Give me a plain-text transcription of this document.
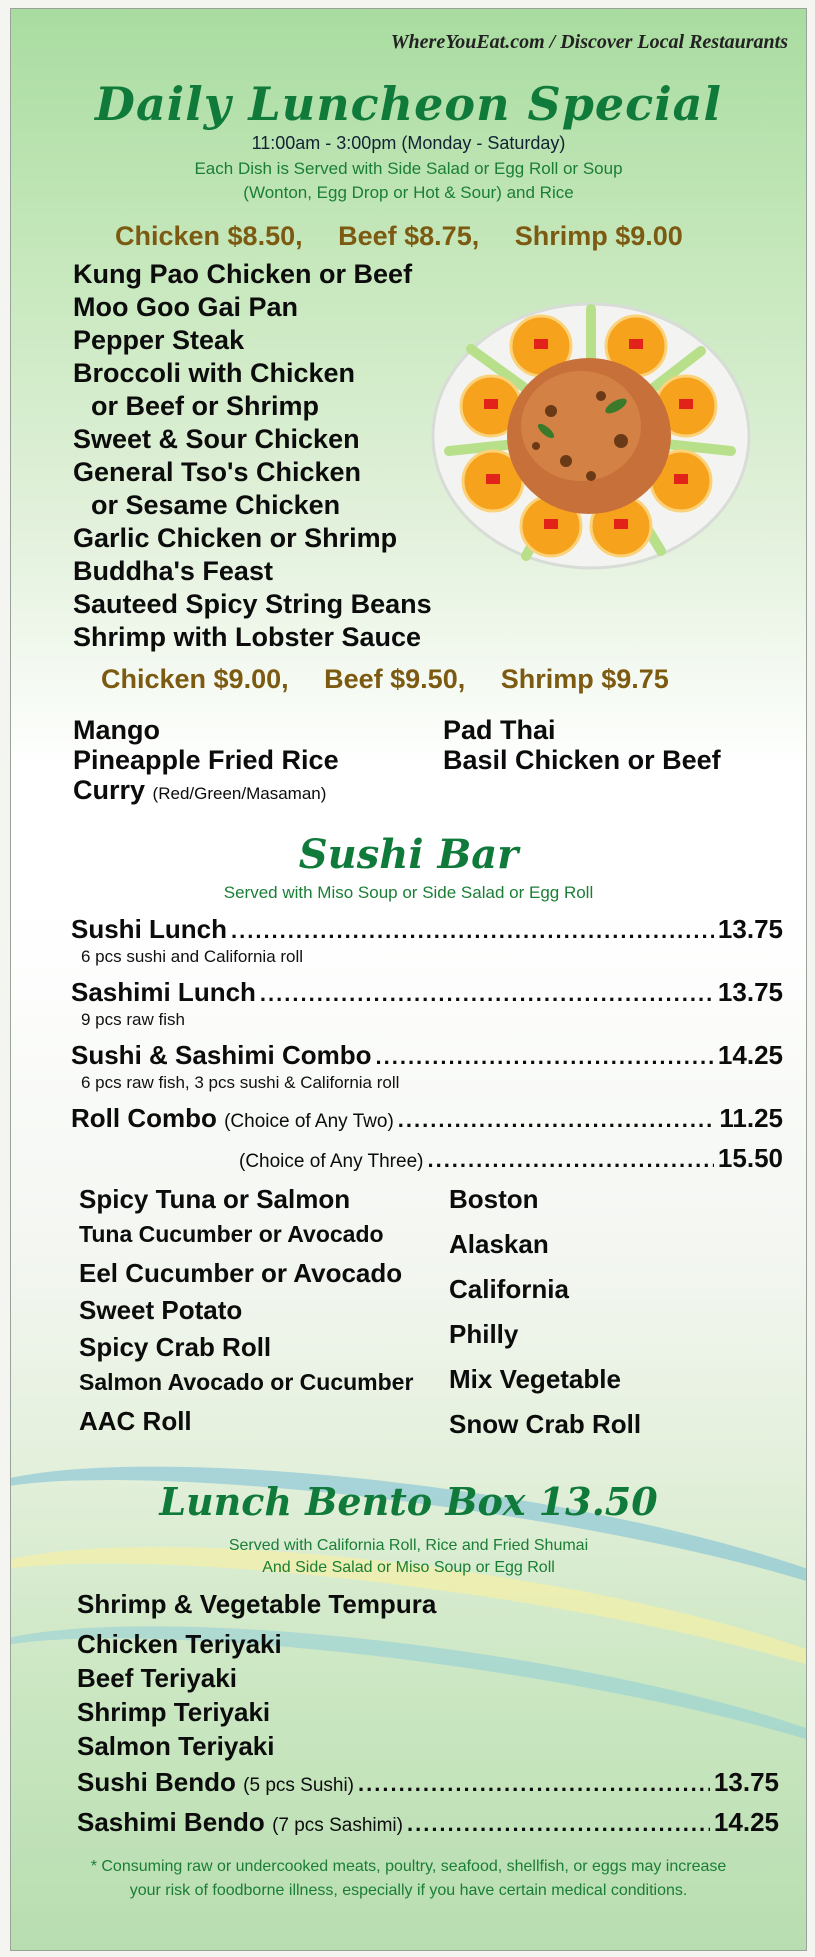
WhereYouEat.com / Discover Local Restaurants
Daily Luncheon Special
11:00am - 3:00pm (Monday - Saturday)
Each Dish is Served with Side Salad or Egg Roll or Soup
(Wonton, Egg Drop or Hot & Sour) and Rice
Chicken $8.50, Beef $8.75, Shrimp $9.00
Kung Pao Chicken or Beef
Moo Goo Gai Pan
Pepper Steak
Broccoli with Chicken
or Beef or Shrimp
Sweet & Sour Chicken
General Tso's Chicken
or Sesame Chicken
Garlic Chicken or Shrimp
Buddha's Feast
Sauteed Spicy String Beans
Shrimp with Lobster Sauce
Chicken $9.00, Beef $9.50, Shrimp $9.75
Mango
Pineapple Fried Rice
Curry (Red/Green/Masaman)
Pad Thai
Basil Chicken or Beef
Sushi Bar
Served with Miso Soup or Side Salad or Egg Roll
Sushi Lunch .....	13.75
6 pcs sushi and California roll
Sashimi Lunch .....	13.75
9 pcs raw fish
Sushi & Sashimi Combo .....	14.25
6 pcs raw fish, 3 pcs sushi & California roll
Roll Combo (Choice of Any Two) .....	11.25
(Choice of Any Three) .....	15.50
Spicy Tuna or Salmon
Tuna Cucumber or Avocado
Eel Cucumber or Avocado
Sweet Potato
Spicy Crab Roll
Salmon Avocado or Cucumber
AAC Roll
Boston
Alaskan
California
Philly
Mix Vegetable
Snow Crab Roll
Lunch Bento Box 13.50
Served with California Roll, Rice and Fried Shumai
And Side Salad or Miso Soup or Egg Roll
Shrimp & Vegetable Tempura
Chicken Teriyaki
Beef Teriyaki
Shrimp Teriyaki
Salmon Teriyaki
Sushi Bendo (5 pcs Sushi) .....	13.75
Sashimi Bendo (7 pcs Sashimi) .....	14.25
* Consuming raw or undercooked meats, poultry, seafood, shellfish, or eggs may increase
your risk of foodborne illness, especially if you have certain medical conditions.
